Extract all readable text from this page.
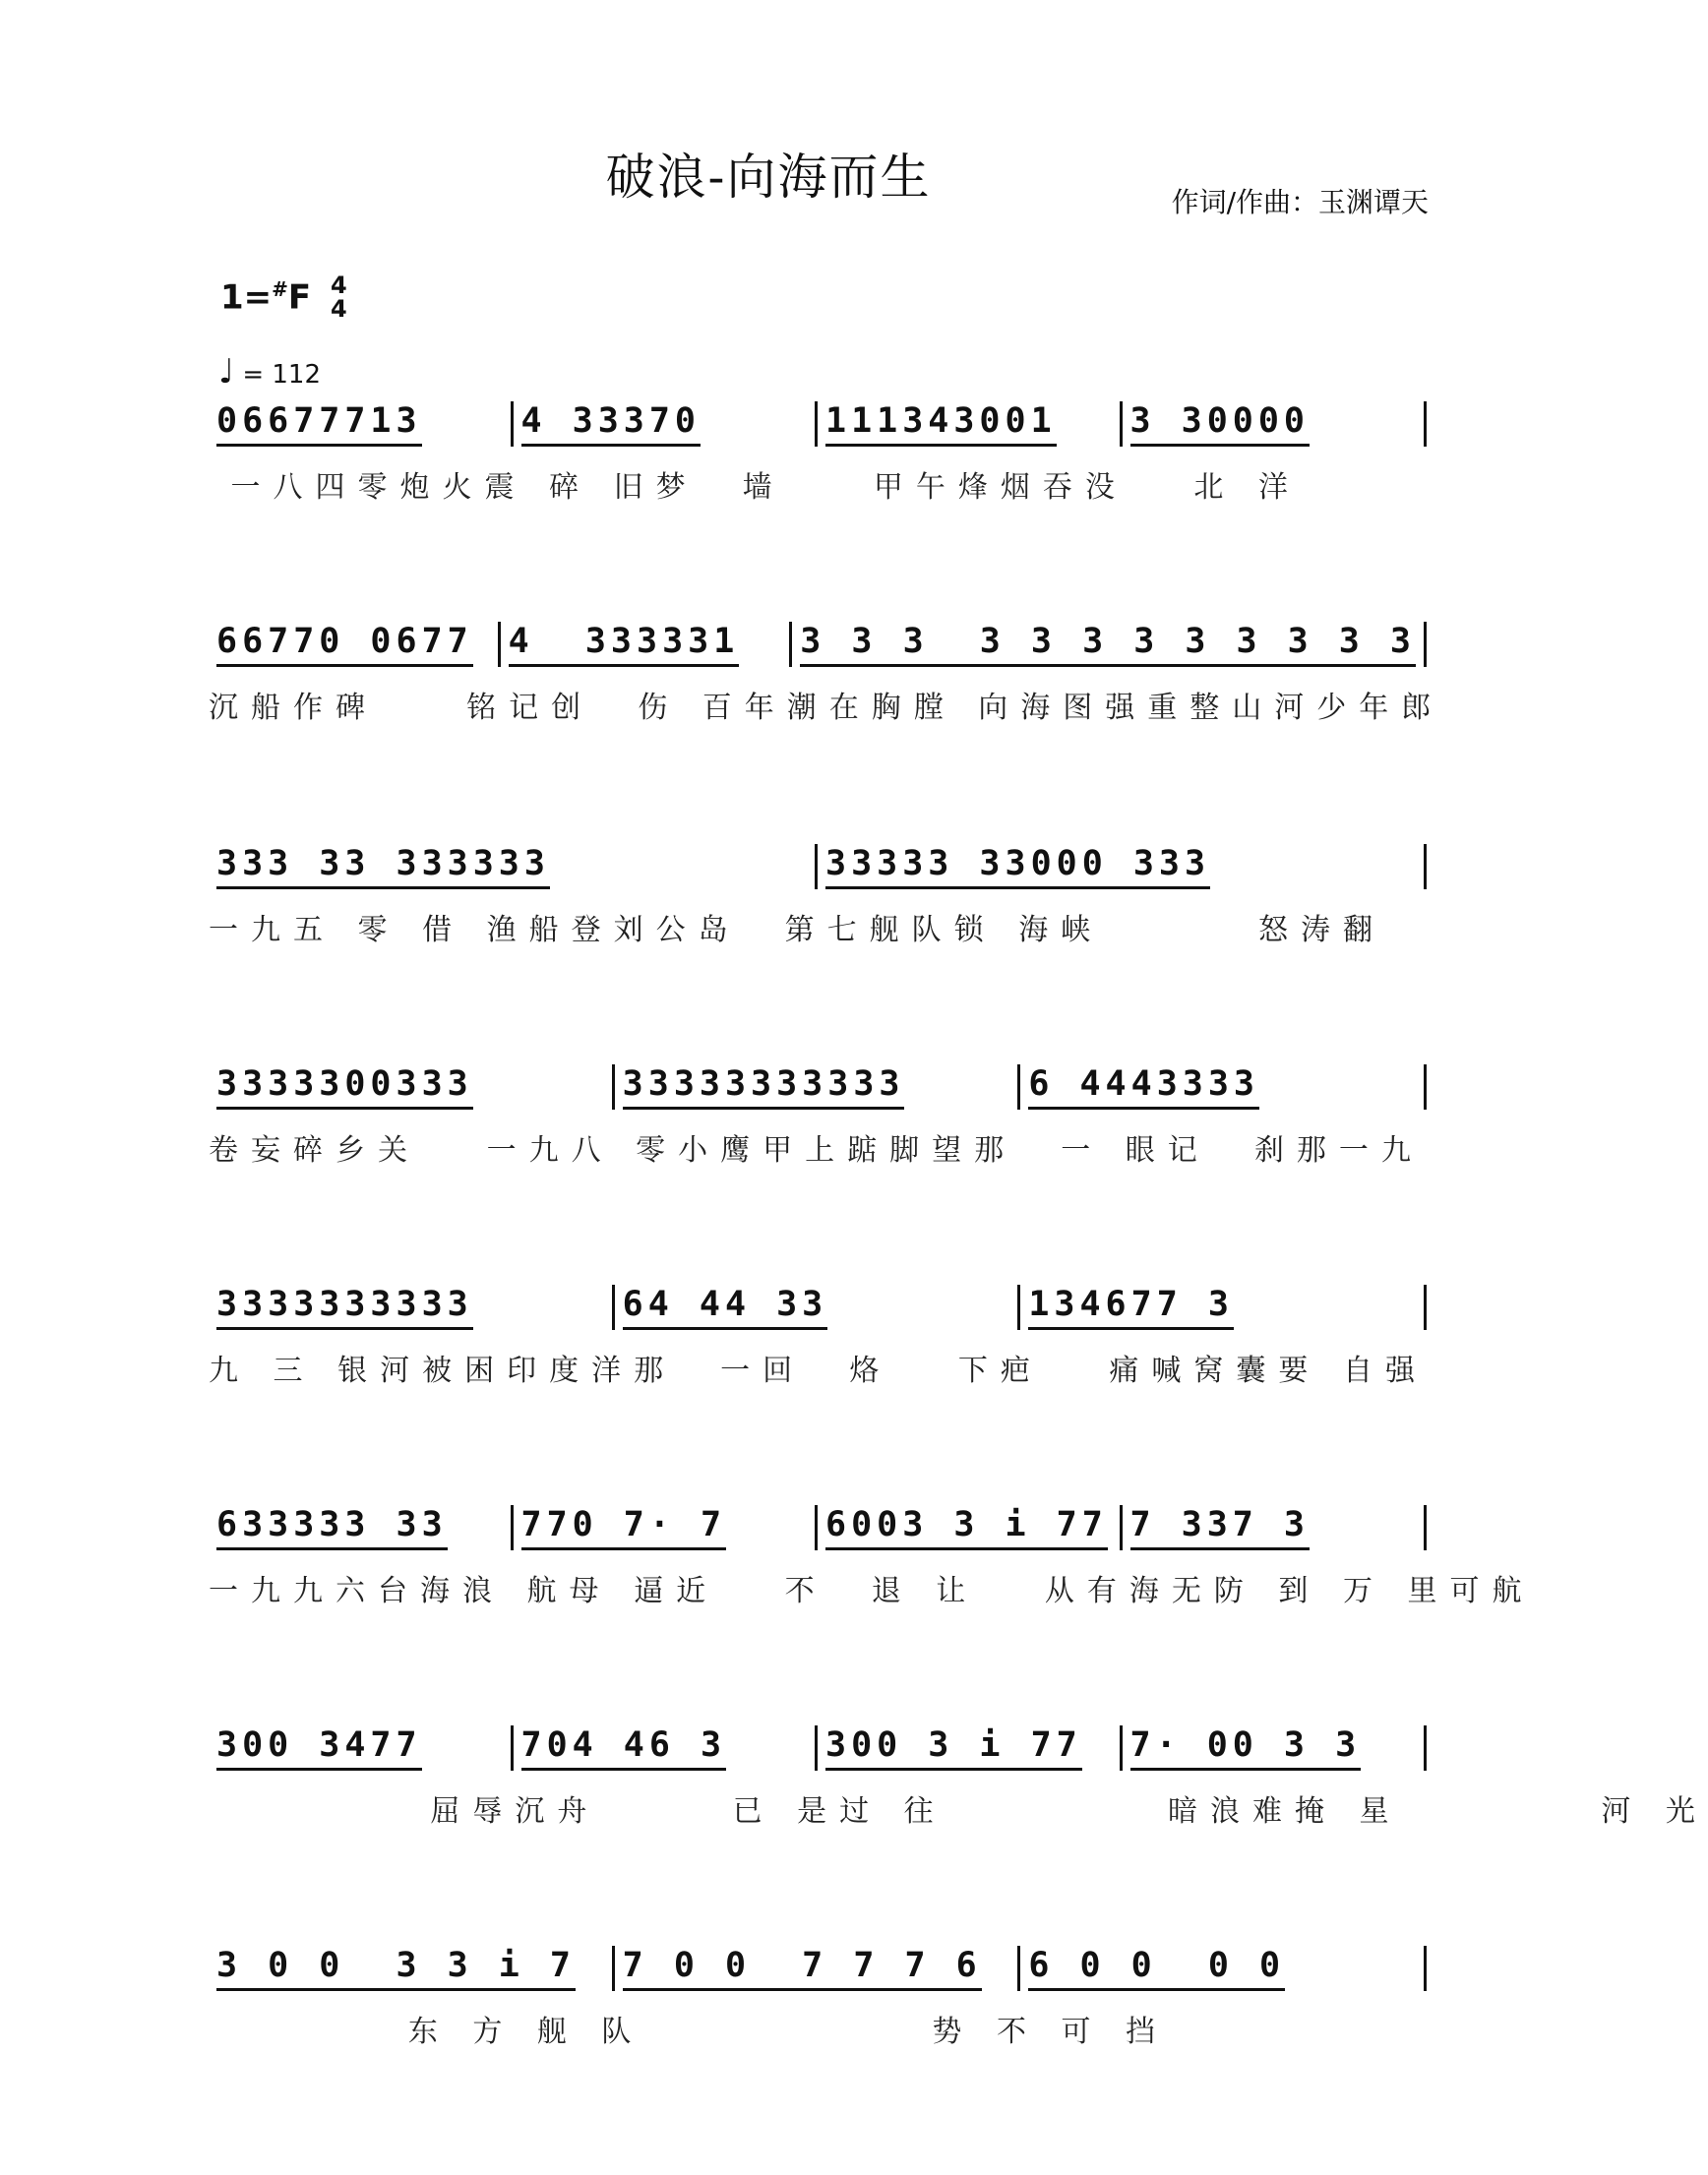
破浪-向海而生	作词/作曲：玉渊谭天
1=#F 4
4
♩ = 112
06677713	4 33370	111343001 3 30000
一八四零炮火震 碎 旧梦  墙    甲午烽烟吞没   北 洋
66770 0677 4  333331 3 3 3  3 3 3 3 3 3 3 3 3
沉船作碑    铭记创  伤 百年潮在胸膛 向海图强重整山河少年郎
333 33 333333	33333 33000 333
一九五 零 借 渔船登刘公岛  第七舰队锁 海峡       怒涛翻
3333300333	33333333333	6 4443333
卷妄碎乡关   一九八 零小鹰甲上踮脚望那  一 眼记  刹那一九
3333333333	64 44 33	134677 3
九 三 银河被困印度洋那  一回  烙   下疤   痛喊窝囊要 自强
633333 33 770 7· 7	6003 3 i 77 7 337 3
一九九六台海浪 航母 逼近   不  退 让   从有海无防 到 万 里可航
300 3477	704 46 3	300 3 i 77 7· 00 3 3
屈辱沉舟      已 是过 往          暗浪难掩 星         河 光
3 0 0  3 3 i 7 7 0 0  7 7 7 6 6 0 0  0 0
东 方 舰 队             势 不 可 挡
